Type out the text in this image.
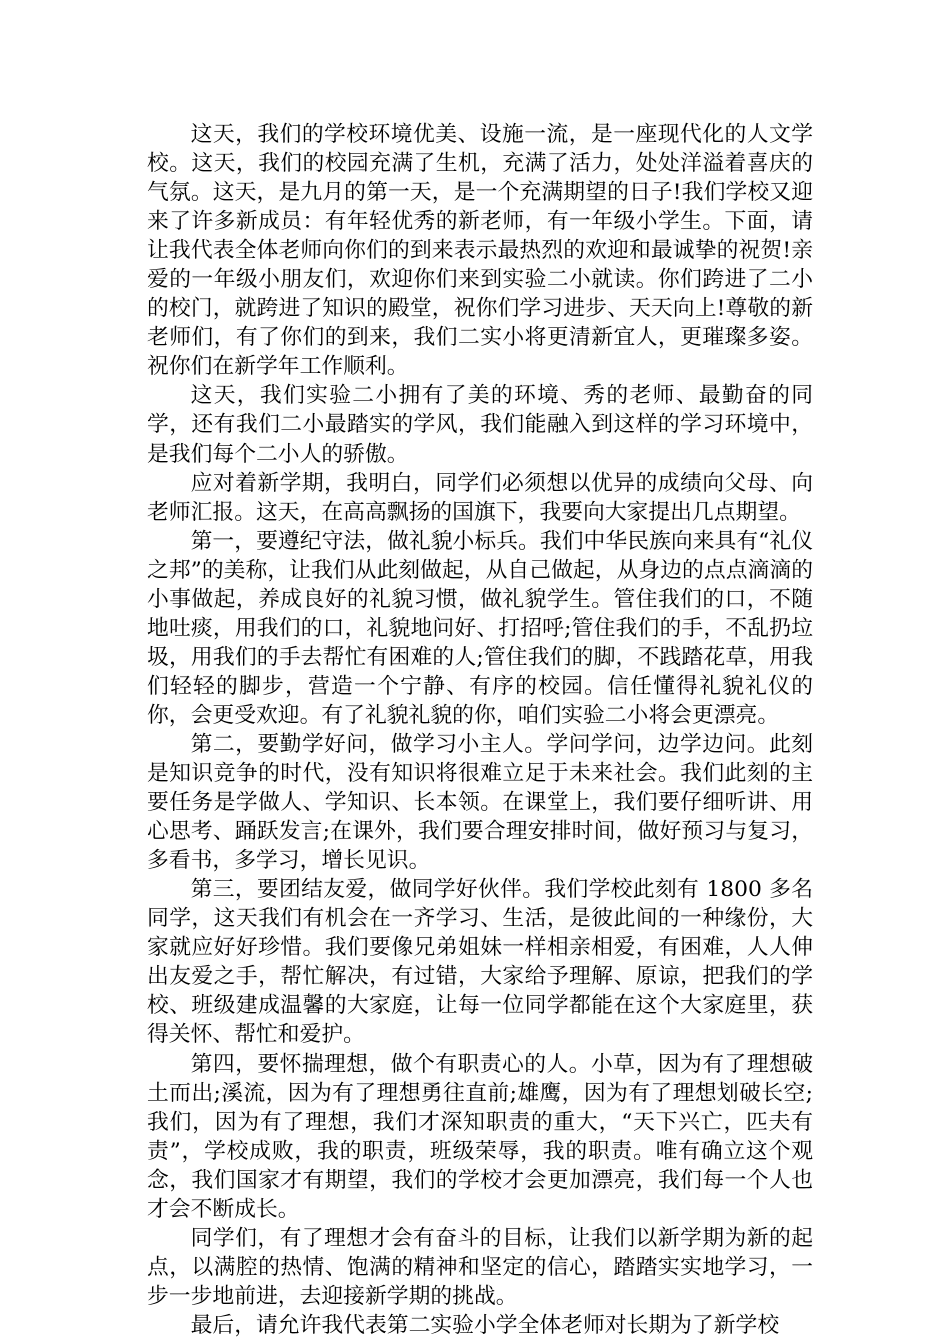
这天，我们的学校环境优美、设施一流，是一座现代化的人文学校。这天，我们的校园充满了生机，充满了活力，处处洋溢着喜庆的气氛。这天，是九月的第一天，是一个充满期望的日子!我们学校又迎来了许多新成员：有年轻优秀的新老师，有一年级小学生。下面，请让我代表全体老师向你们的到来表示最热烈的欢迎和最诚挚的祝贺!亲爱的一年级小朋友们，欢迎你们来到实验二小就读。你们跨进了二小的校门，就跨进了知识的殿堂，祝你们学习进步、天天向上!尊敬的新老师们，有了你们的到来，我们二实小将更清新宜人，更璀璨多姿。祝你们在新学年工作顺利。

这天，我们实验二小拥有了美的环境、秀的老师、最勤奋的同学，还有我们二小最踏实的学风，我们能融入到这样的学习环境中，是我们每个二小人的骄傲。

应对着新学期，我明白，同学们必须想以优异的成绩向父母、向老师汇报。这天，在高高飘扬的国旗下，我要向大家提出几点期望。

第一，要遵纪守法，做礼貌小标兵。我们中华民族向来具有“礼仪之邦”的美称，让我们从此刻做起，从自己做起，从身边的点点滴滴的小事做起，养成良好的礼貌习惯，做礼貌学生。管住我们的口，不随地吐痰，用我们的口，礼貌地问好、打招呼;管住我们的手，不乱扔垃圾，用我们的手去帮忙有困难的人;管住我们的脚，不践踏花草，用我们轻轻的脚步，营造一个宁静、有序的校园。信任懂得礼貌礼仪的你，会更受欢迎。有了礼貌礼貌的你，咱们实验二小将会更漂亮。

第二，要勤学好问，做学习小主人。学问学问，边学边问。此刻是知识竞争的时代，没有知识将很难立足于未来社会。我们此刻的主要任务是学做人、学知识、长本领。在课堂上，我们要仔细听讲、用心思考、踊跃发言;在课外，我们要合理安排时间，做好预习与复习，多看书，多学习，增长见识。

第三，要团结友爱，做同学好伙伴。我们学校此刻有 1800 多名同学，这天我们有机会在一齐学习、生活，是彼此间的一种缘份，大家就应好好珍惜。我们要像兄弟姐妹一样相亲相爱，有困难，人人伸出友爱之手，帮忙解决，有过错，大家给予理解、原谅，把我们的学校、班级建成温馨的大家庭，让每一位同学都能在这个大家庭里，获得关怀、帮忙和爱护。

第四，要怀揣理想，做个有职责心的人。小草，因为有了理想破土而出;溪流，因为有了理想勇往直前;雄鹰，因为有了理想划破长空;我们，因为有了理想，我们才深知职责的重大，“天下兴亡，匹夫有责”，学校成败，我的职责，班级荣辱，我的职责。唯有确立这个观念，我们国家才有期望，我们的学校才会更加漂亮，我们每一个人也才会不断成长。

同学们，有了理想才会有奋斗的目标，让我们以新学期为新的起点，以满腔的热情、饱满的精神和坚定的信心，踏踏实实地学习，一步一步地前进，去迎接新学期的挑战。

最后，请允许我代表第二实验小学全体老师对长期为了新学校
